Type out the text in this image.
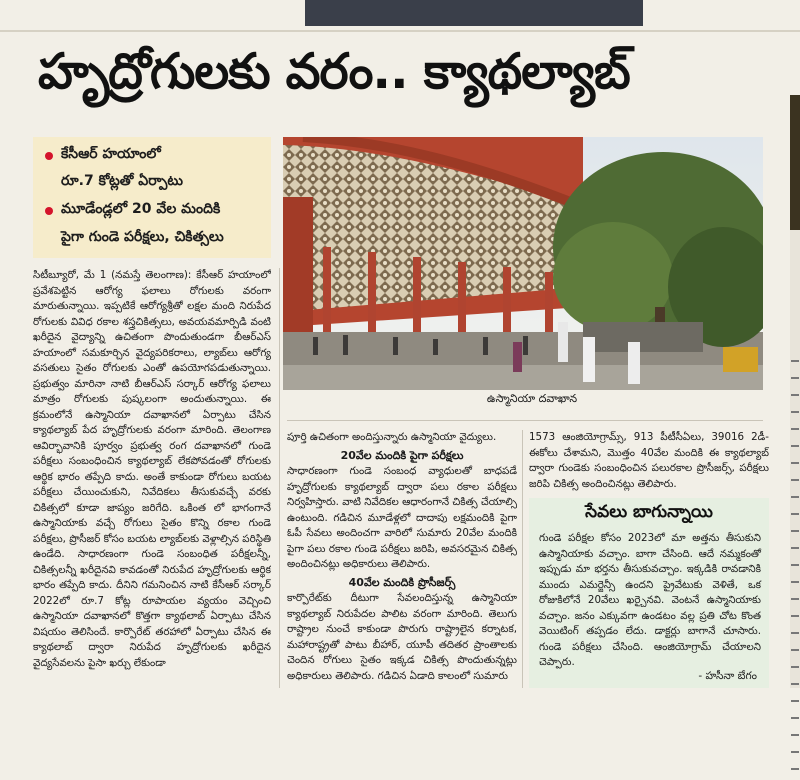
హృద్రోగులకు వరం.. క్యాథల్యాబ్
కేసీఆర్ హయాంలో
రూ.7 కోట్లతో ఏర్పాటు
మూడేండ్లలో 20 వేల మందికి
పైగా గుండె పరీక్షలు, చికిత్సలు
ఉస్మానియా దవాఖాన

సిటీబ్యూరో, మే 1 (నమస్తే తెలంగాణ): కేసీఆర్ హయాంలో ప్రవేశపెట్టిన ఆరోగ్య ఫలాలు రోగులకు వరంగా మారుతున్నాయి. ఇప్పటికే ఆరోగ్యశ్రీతో లక్షల మంది నిరుపేద రోగులకు వివిధ రకాల శస్త్రచికిత్సలు, అవయవమార్పిడి వంటి ఖరీదైన వైద్యాన్ని ఉచితంగా పొందుతుండగా బీఆర్ఎస్ హయాంలో సమకూర్చిన వైద్యపరికరాలు, ల్యాబ్‌లు ఆరోగ్య వసతులు సైతం రోగులకు ఎంతో ఉపయోగపడుతున్నాయి. ప్రభుత్వం మారినా నాటి బీఆర్ఎస్ సర్కార్ ఆరోగ్య ఫలాలు మాత్రం రోగులకు పుష్కలంగా అందుతున్నాయి. ఈ క్రమంలోనే ఉస్మానియా దవాఖానలో ఏర్పాటు చేసిన క్యాథల్యాబ్ పేద హృద్రోగులకు వరంగా మారింది. తెలంగాణ ఆవిర్భావానికి పూర్వం ప్రభుత్వ రంగ దవాఖానలో గుండె పరీక్షలు సంబంధించిన క్యాథల్యాబ్ లేకపోవడంతో రోగులకు ఆర్థిక భారం తప్పేది కాదు. అంతే కాకుండా రోగులు బయట పరీక్షలు చేయించుకుని, నివేదికలు తీసుకువచ్చే వరకు చికిత్సలో కూడా జాప్యం జరిగేది. ఒకింత లో భాగంగానే ఉస్మానియాకు వచ్చే రోగులు సైతం కొన్ని రకాల గుండె పరీక్షలు, ప్రొసీజర్ కోసం బయట ల్యాబ్‌లకు వెళ్లాల్సిన పరిస్థితి ఉండేది. సాధారణంగా గుండె సంబంధిత పరీక్షలన్నీ, చికిత్సలన్నీ ఖరీదైనవి కావడంతో నిరుపేద హృద్రోగులకు ఆర్థిక భారం తప్పేది కాదు. దీనిని గమనించిన నాటి కేసీఆర్ సర్కార్ 2022లో రూ.7 కోట్ల రూపాయల వ్యయం వెచ్చించి ఉస్మానియా దవాఖానలో కొత్తగా క్యాథలాబ్‌ ఏర్పాటు చేసిన విషయం తెలిసిందే. కార్పొరేట్ తరహాలో ఏర్పాటు చేసిన ఈ క్యాథలాబ్ ద్వారా నిరుపేద హృద్రోగులకు ఖరీదైన వైద్యసేవలను పైసా ఖర్చు లేకుండా

పూర్తి ఉచితంగా అందిస్తున్నారు ఉస్మానియా వైద్యులు.

20వేల మందికి పైగా పరీక్షలు

సాధారణంగా గుండె సంబంధ వ్యాధులతో బాధపడే హృద్రోగులకు క్యాథల్యాబ్ ద్వారా పలు రకాల పరీక్షలు నిర్వహిస్తారు. వాటి నివేదికల ఆధారంగానే చికిత్స చేయాల్సి ఉంటుంది. గడిచిన మూడేళ్లలో దాదాపు లక్షమందికి పైగా ఓపీ సేవలు అందించగా వారిలో సుమారు 20వేల మందికి పైగా పలు రకాల గుండె పరీక్షలు జరిపి, అవసరమైన చికిత్స అందించినట్లు అధికారులు తెలిపారు.

40వేల మందికి ప్రొసీజర్స్

కార్పొరేట్‌కు దీటుగా సేవలందిస్తున్న ఉస్మానియా క్యాథల్యాబ్‌ నిరుపేదల పాలిట వరంగా మారింది. తెలుగు రాష్ట్రాల నుంచే కాకుండా పొరుగు రాష్ట్రాలైన కర్నాటక, మహారాష్ట్రతో పాటు బీహార్, యూపీ తదితర ప్రాంతాలకు చెందిన రోగులు సైతం ఇక్కడ చికిత్స పొందుతున్నట్లు అధికారులు తెలిపారు. గడిచిన ఏడాది కాలంలో సుమారు

1573 ఆంజియోగ్రామ్స్, 913 పీటీసీఏలు, 39016 2డీ-ఈకోలు చేశామని, మొత్తం 40వేల మందికి ఈ క్యాథల్యాబ్ ద్వారా గుండెకు సంబంధించిన పలురకాల ప్రొసీజర్స్, పరీక్షలు జరిపి చికిత్స అందించినట్లు తెలిపారు.

సేవలు బాగున్నాయి
గుండె పరీక్షల కోసం 2023లో మా అత్తను తీసుకుని ఉస్మానియాకు వచ్చాం. బాగా చేసింది. ఆదే నమ్మకంతో ఇప్పుడు మా భర్తను తీసుకువచ్చాం. ఇక్కడికి రావడానికి ముందు ఎమర్జెన్సీ ఉందని ప్రైవేటుకు వెళితే, ఒక రోజుకిలోనే 20వేలు ఖర్చైనవి. వెంటనే ఉస్మానియాకు వచ్చాం. జనం ఎక్కువగా ఉండటం వల్ల ప్రతి చోట కొంత వెయిటింగ్ తప్పడం లేదు. డాక్టర్లు బాగానే చూసారు. గుండె పరీక్షలు చేసింది. ఆంజియోగ్రామ్ చేయాలని చెప్పారు.
- హసీనా బేగం
